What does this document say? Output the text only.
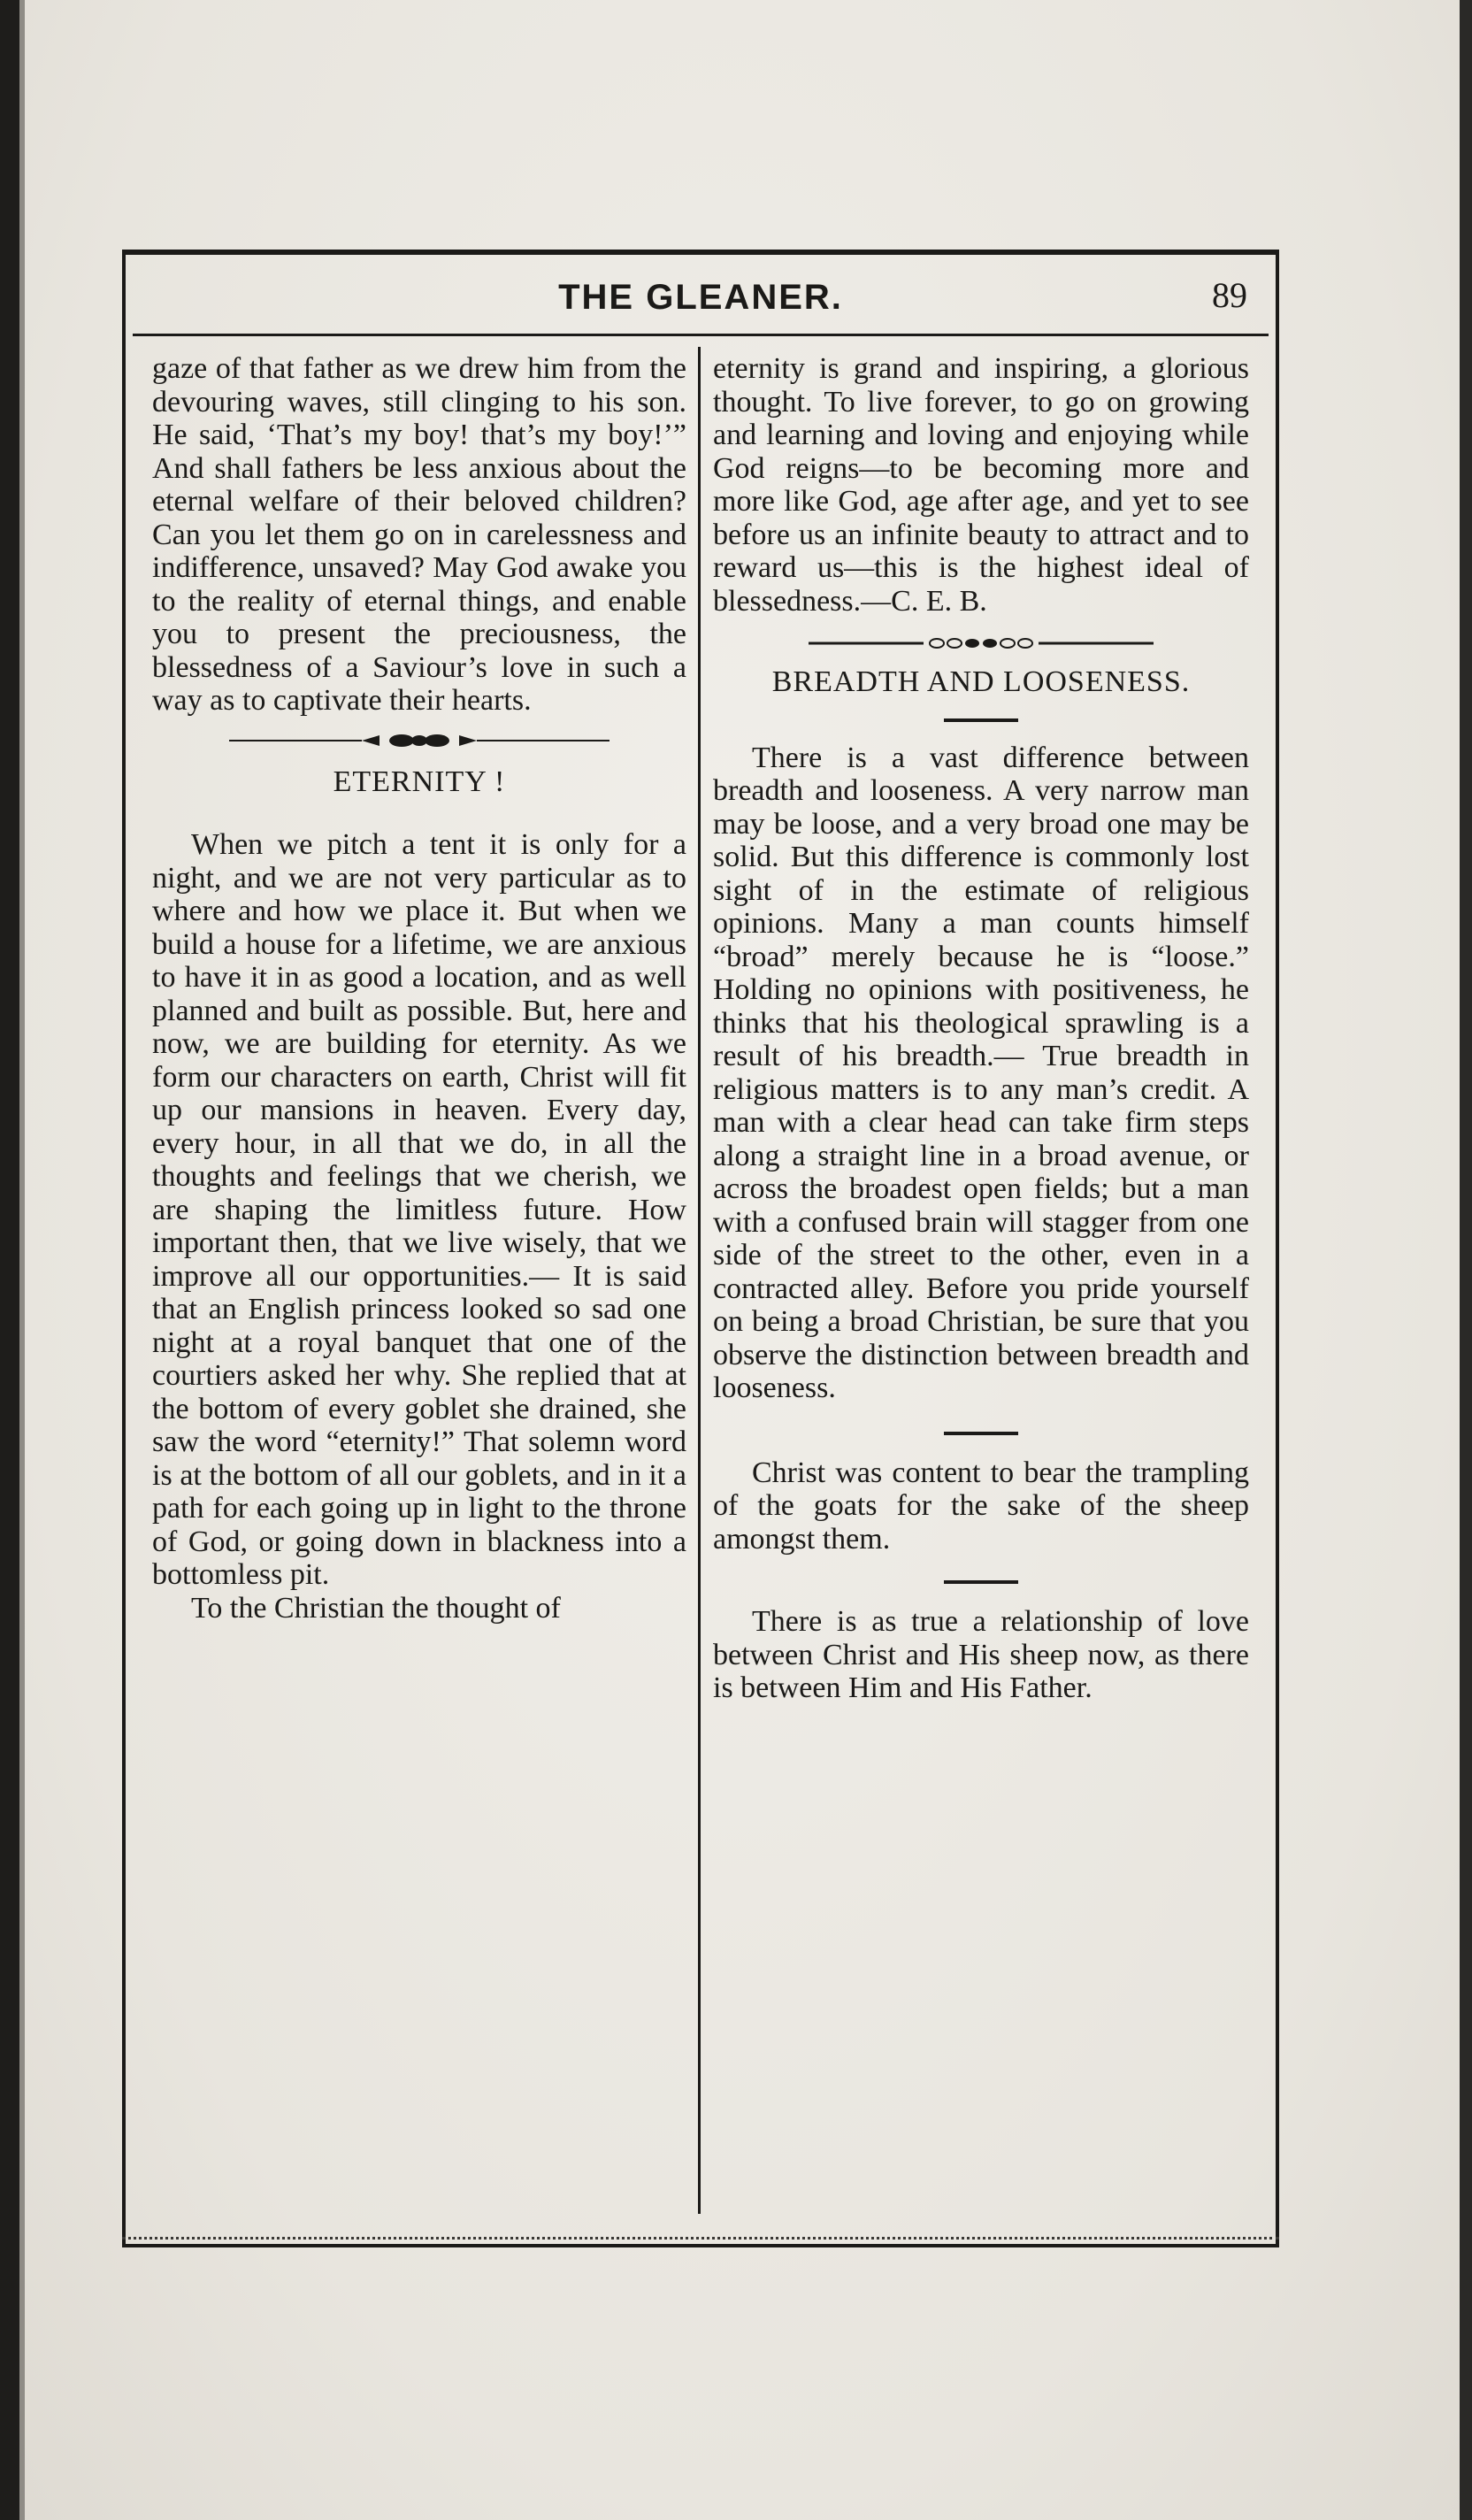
THE GLEANER.	89

gaze of that father as we drew him from the devouring waves, still clinging to his son. He said, ‘That’s my boy! that’s my boy!’” And shall fathers be less anxious about the eternal welfare of their beloved children? Can you let them go on in carelessness and indifference, unsaved? May God awake you to the reality of eternal things, and enable you to present the preciousness, the blessedness of a Saviour’s love in such a way as to captivate their hearts.

ETERNITY !

When we pitch a tent it is only for a night, and we are not very particular as to where and how we place it. But when we build a house for a lifetime, we are anxious to have it in as good a location, and as well planned and built as possible. But, here and now, we are building for eternity. As we form our characters on earth, Christ will fit up our mansions in heaven. Every day, every hour, in all that we do, in all the thoughts and feelings that we cherish, we are shaping the limitless future. How important then, that we live wisely, that we improve all our opportunities.— It is said that an English princess looked so sad one night at a royal banquet that one of the courtiers asked her why. She replied that at the bottom of every goblet she drained, she saw the word “eternity!” That solemn word is at the bottom of all our goblets, and in it a path for each going up in light to the throne of God, or going down in blackness into a bottomless pit.

To the Christian the thought of

eternity is grand and inspiring, a glorious thought. To live forever, to go on growing and learning and loving and enjoying while God reigns—to be becoming more and more like God, age after age, and yet to see before us an infinite beauty to attract and to reward us—this is the highest ideal of blessedness.—C. E. B.

BREADTH AND LOOSENESS.

There is a vast difference between breadth and looseness. A very narrow man may be loose, and a very broad one may be solid. But this difference is commonly lost sight of in the estimate of religious opinions. Many a man counts himself “broad” merely because he is “loose.” Holding no opinions with positiveness, he thinks that his theological sprawling is a result of his breadth.— True breadth in religious matters is to any man’s credit. A man with a clear head can take firm steps along a straight line in a broad avenue, or across the broadest open fields; but a man with a confused brain will stagger from one side of the street to the other, even in a contracted alley. Before you pride yourself on being a broad Christian, be sure that you observe the distinction between breadth and looseness.

Christ was content to bear the trampling of the goats for the sake of the sheep amongst them.

There is as true a relationship of love between Christ and His sheep now, as there is between Him and His Father.
